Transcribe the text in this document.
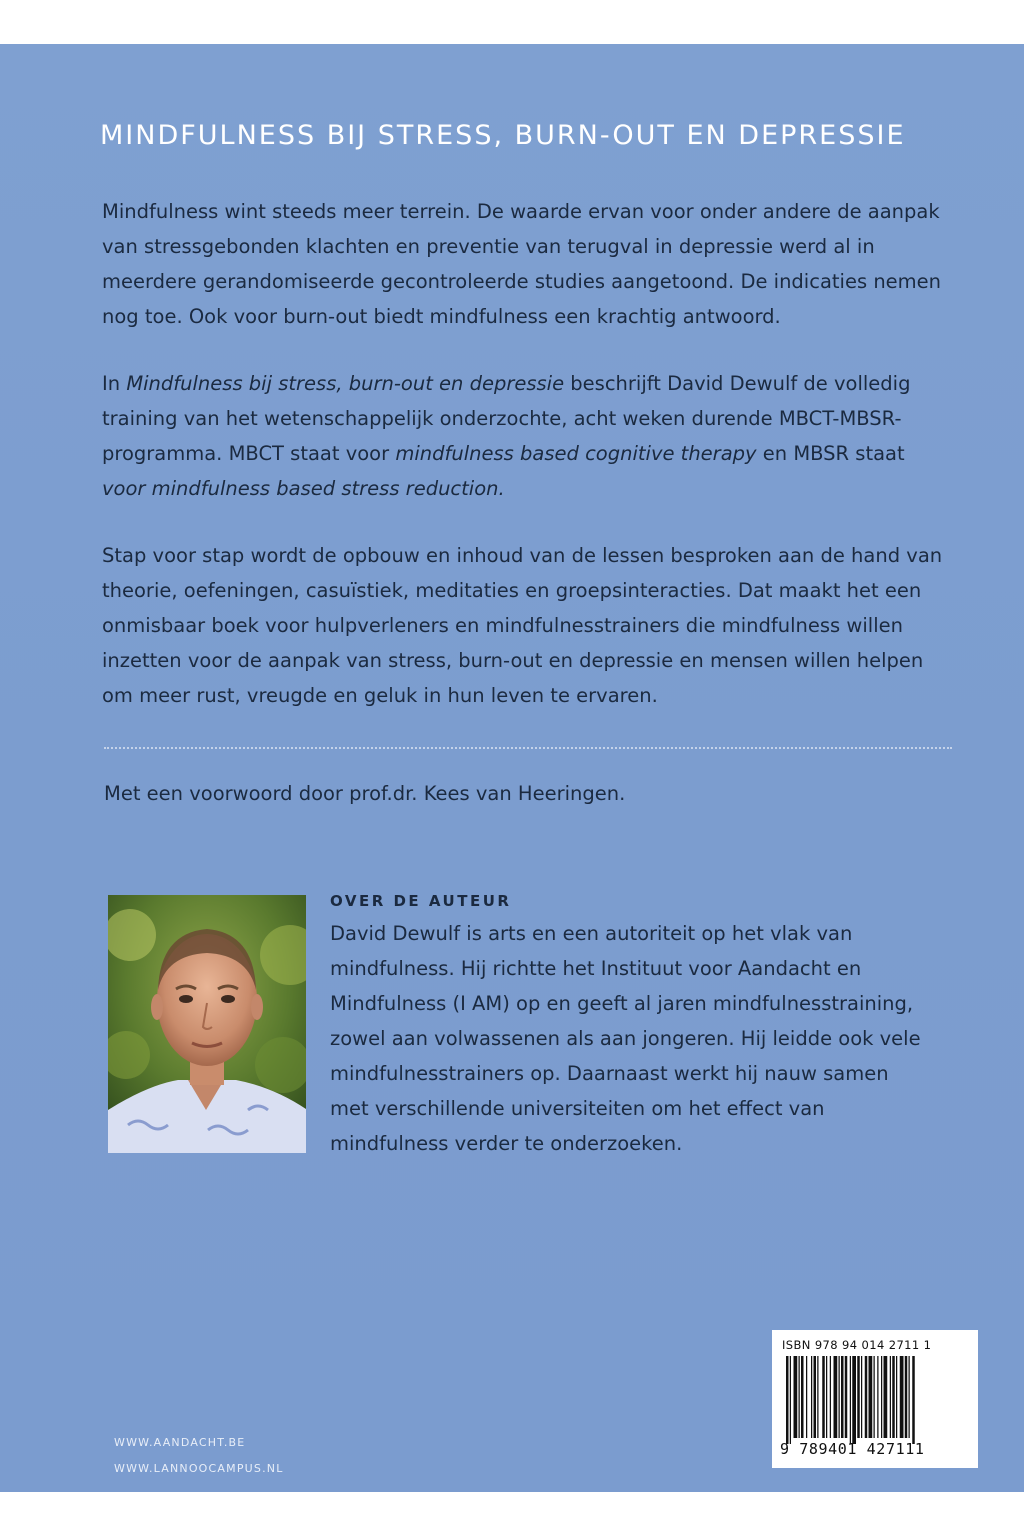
MINDFULNESS BIJ STRESS, BURN-OUT EN DEPRESSIE
Mindfulness wint steeds meer terrein. De waarde ervan voor onder andere de aanpak van stressgebonden klachten en preventie van terugval in depressie werd al in meerdere gerandomiseerde gecontroleerde studies aangetoond. De indicaties nemen nog toe. Ook voor burn-out biedt mindfulness een krachtig antwoord.
In Mindfulness bij stress, burn-out en depressie beschrijft David Dewulf de volledig training van het wetenschappelijk onderzochte, acht weken durende MBCT-MBSR-programma. MBCT staat voor mindfulness based cognitive therapy en MBSR staat voor mindfulness based stress reduction.
Stap voor stap wordt de opbouw en inhoud van de lessen besproken aan de hand van theorie, oefeningen, casuïstiek, meditaties en groepsinteracties. Dat maakt het een onmisbaar boek voor hulpverleners en mindfulnesstrainers die mindfulness willen inzetten voor de aanpak van stress, burn-out en depressie en mensen willen helpen om meer rust, vreugde en geluk in hun leven te ervaren.
Met een voorwoord door prof.dr. Kees van Heeringen.
OVER DE AUTEUR
David Dewulf is arts en een autoriteit op het vlak van mindfulness. Hij richtte het Instituut voor Aandacht en Mindfulness (I AM) op en geeft al jaren mindfulnesstraining, zowel aan volwassenen als aan jongeren. Hij leidde ook vele mindfulnesstrainers op. Daarnaast werkt hij nauw samen met verschillende universiteiten om het effect van mindfulness verder te onderzoeken.
WWW.AANDACHT.BE
WWW.LANNOOCAMPUS.NL
ISBN 978 94 014 2711 1
9 789401 427111
